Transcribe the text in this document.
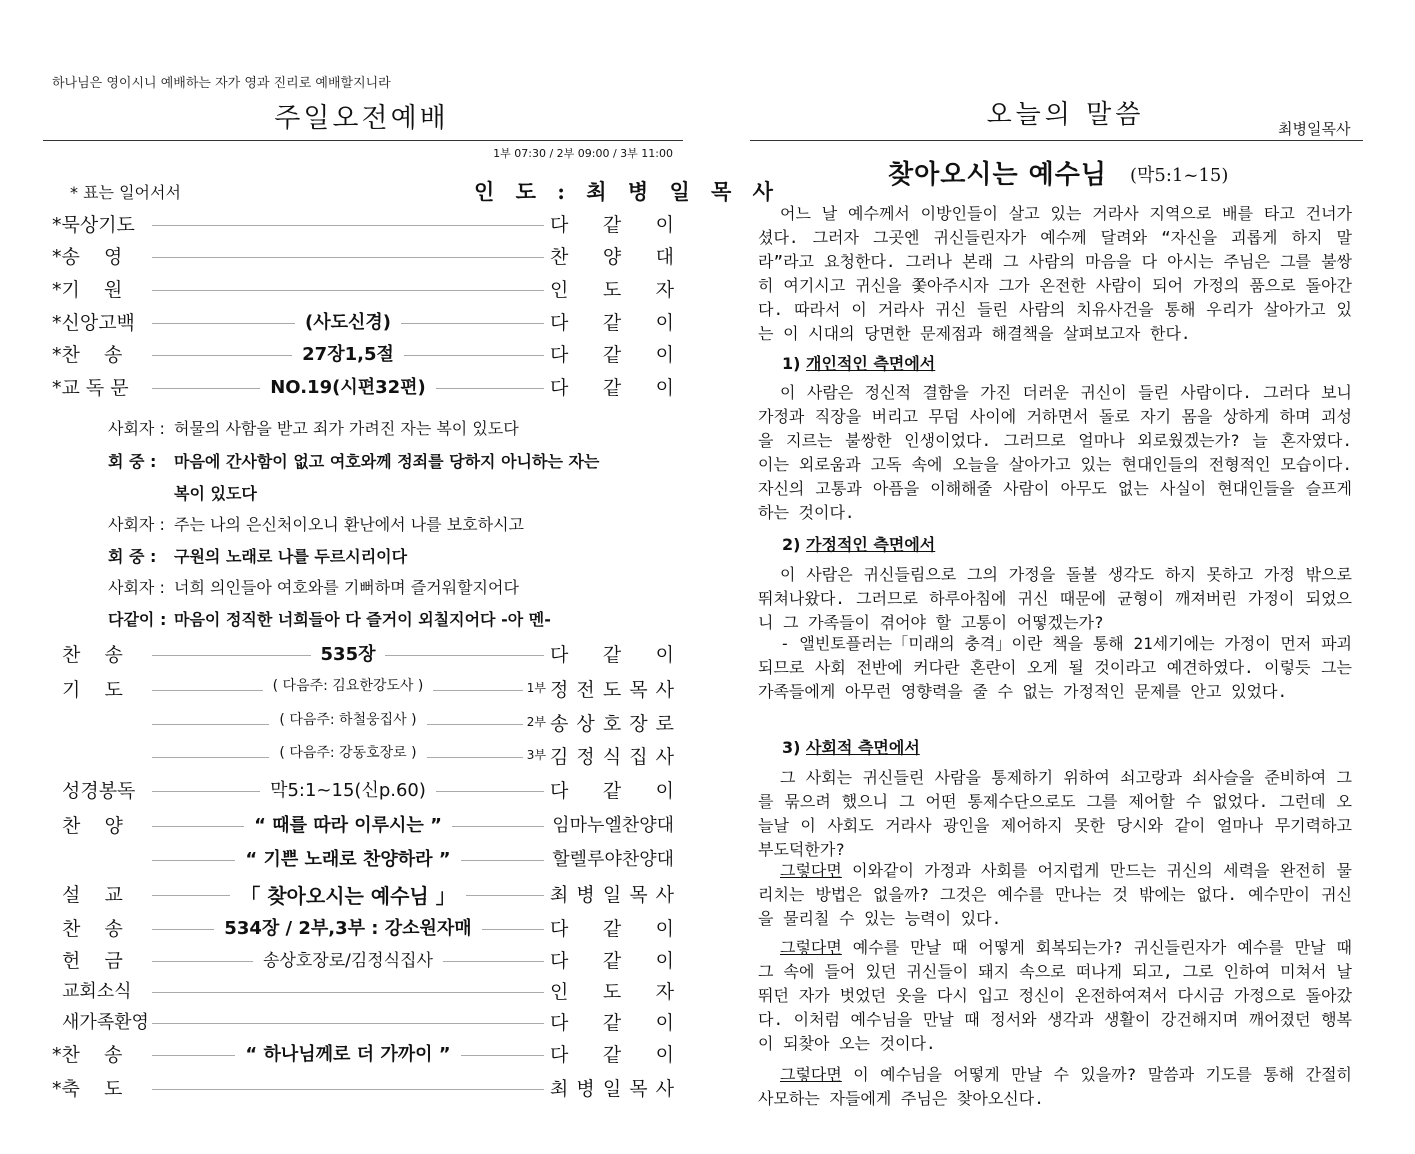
하나님은 영이시니 예배하는 자가 영과 진리로 예배할지니라
주일오전예배
1부 07:30 / 2부 09:00 / 3부 11:00
* 표는 일어서서	인 도 : 최 병 일 목 사
*묵상기도	다 같 이
*송    영	찬 양 대
*기    원	인 도 자
*신앙고백	(사도신경)	다 같 이
*찬    송	27장1,5절	다 같 이
*교 독 문	NO.19(시편32편)	다 같 이
사회자 : 허물의 사함을 받고 죄가 가려진 자는 복이 있도다
회 중 : 마음에 간사함이 없고 여호와께 정죄를 당하지 아니하는 자는
복이 있도다
사회자 : 주는 나의 은신처이오니 환난에서 나를 보호하시고
회 중 : 구원의 노래로 나를 두르시리이다
사회자 : 너희 의인들아 여호와를 기뻐하며 즐거워할지어다
다같이 : 마음이 정직한 너희들아 다 즐거이 외칠지어다 -아 멘-
찬    송	535장	다 같 이
기    도	( 다음주: 김요한강도사 )	1부 정 전 도 목 사
( 다음주: 하철웅집사 )	2부 송 상 호 장 로
( 다음주: 강동호장로 )	3부 김 정 식 집 사
성경봉독	막5:1~15(신p.60)	다 같 이
찬    양	“ 때를 따라 이루시는 ”	임마누엘찬양대
“ 기쁜 노래로 찬양하라 ”	할렐루야찬양대
설    교	「 찾아오시는 예수님 」	최 병 일 목 사
찬    송	534장 / 2부,3부 : 강소원자매	다 같 이
헌    금	송상호장로/김정식집사	다 같 이
교회소식	인 도 자
새가족환영	다 같 이
*찬    송	“ 하나님께로 더 가까이 ”	다 같 이
*축    도	최 병 일 목 사
오늘의 말씀	최병일목사
찾아오시는 예수님 (막5:1~15)
어느 날 예수께서 이방인들이 살고 있는 거라사 지역으로 배를 타고 건너가셨다. 그러자 그곳엔 귀신들린자가 예수께 달려와 “자신을 괴롭게 하지 말라”라고 요청한다. 그러나 본래 그 사람의 마음을 다 아시는 주님은 그를 불쌍히 여기시고 귀신을 쫓아주시자 그가 온전한 사람이 되어 가정의 품으로 돌아간다. 따라서 이 거라사 귀신 들린 사람의 치유사건을 통해 우리가 살아가고 있는 이 시대의 당면한 문제점과 해결책을 살펴보고자 한다.
1) 개인적인 측면에서
이 사람은 정신적 결함을 가진 더러운 귀신이 들린 사람이다. 그러다 보니 가정과 직장을 버리고 무덤 사이에 거하면서 돌로 자기 몸을 상하게 하며 괴성을 지르는 불쌍한 인생이었다. 그러므로 얼마나 외로웠겠는가? 늘 혼자였다. 이는 외로움과 고독 속에 오늘을 살아가고 있는 현대인들의 전형적인 모습이다. 자신의 고통과 아픔을 이해해줄 사람이 아무도 없는 사실이 현대인들을 슬프게 하는 것이다.
2) 가정적인 측면에서
이 사람은 귀신들림으로 그의 가정을 돌볼 생각도 하지 못하고 가정 밖으로 뛰쳐나왔다. 그러므로 하루아침에 귀신 때문에 균형이 깨져버린 가정이 되었으니 그 가족들이 겪어야 할 고통이 어떻겠는가?
- 앨빈토플러는「미래의 충격」이란 책을 통해 21세기에는 가정이 먼저 파괴되므로 사회 전반에 커다란 혼란이 오게 될 것이라고 예견하였다. 이렇듯 그는 가족들에게 아무런 영향력을 줄 수 없는 가정적인 문제를 안고 있었다.
3) 사회적 측면에서
그 사회는 귀신들린 사람을 통제하기 위하여 쇠고랑과 쇠사슬을 준비하여 그를 묶으려 했으니 그 어떤 통제수단으로도 그를 제어할 수 없었다. 그런데 오늘날 이 사회도 거라사 광인을 제어하지 못한 당시와 같이 얼마나 무기력하고 부도덕한가?
그렇다면 이와같이 가정과 사회를 어지럽게 만드는 귀신의 세력을 완전히 물리치는 방법은 없을까? 그것은 예수를 만나는 것 밖에는 없다. 예수만이 귀신을 물리칠 수 있는 능력이 있다.
그렇다면 예수를 만날 때 어떻게 회복되는가? 귀신들린자가 예수를 만날 때 그 속에 들어 있던 귀신들이 돼지 속으로 떠나게 되고, 그로 인하여 미쳐서 날뛰던 자가 벗었던 옷을 다시 입고 정신이 온전하여져서 다시금 가정으로 돌아갔다. 이처럼 예수님을 만날 때 정서와 생각과 생활이 강건해지며 깨어졌던 행복이 되찾아 오는 것이다.
그렇다면 이 예수님을 어떻게 만날 수 있을까? 말씀과 기도를 통해 간절히 사모하는 자들에게 주님은 찾아오신다.
